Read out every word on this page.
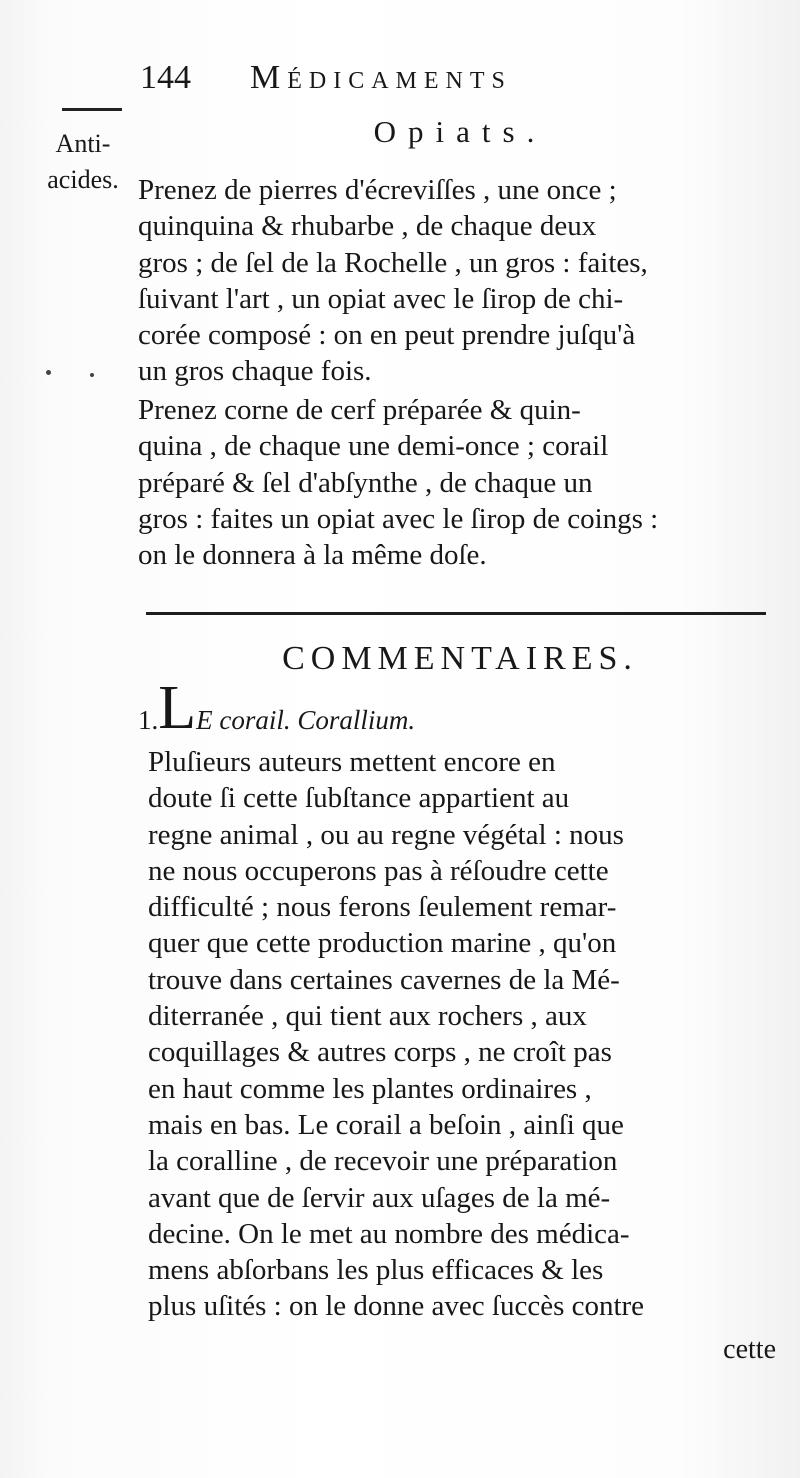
144 Médicaments
Anti-
acides.
Opiats.
Prenez de pierres d'écreviſſes , une once ;
quinquina & rhubarbe , de chaque deux
gros ; de ſel de la Rochelle , un gros : faites,
ſuivant l'art , un opiat avec le ſirop de chi-
corée composé : on en peut prendre juſqu'à
un gros chaque fois.
Prenez corne de cerf préparée & quin-
quina , de chaque une demi-once ; corail
préparé & ſel d'abſynthe , de chaque un
gros : faites un opiat avec le ſirop de coings :
on le donnera à la même doſe.
COMMENTAIRES.
1.LE corail. Corallium.
Pluſieurs auteurs mettent encore en
doute ſi cette ſubſtance appartient au
regne animal , ou au regne végétal : nous
ne nous occuperons pas à réſoudre cette
difficulté ; nous ferons ſeulement remar-
quer que cette production marine , qu'on
trouve dans certaines cavernes de la Mé-
diterranée , qui tient aux rochers , aux
coquillages & autres corps , ne croît pas
en haut comme les plantes ordinaires ,
mais en bas. Le corail a beſoin , ainſi que
la coralline , de recevoir une préparation
avant que de ſervir aux uſages de la mé-
decine. On le met au nombre des médica-
mens abſorbans les plus efficaces & les
plus uſités : on le donne avec ſuccès contre
cette
